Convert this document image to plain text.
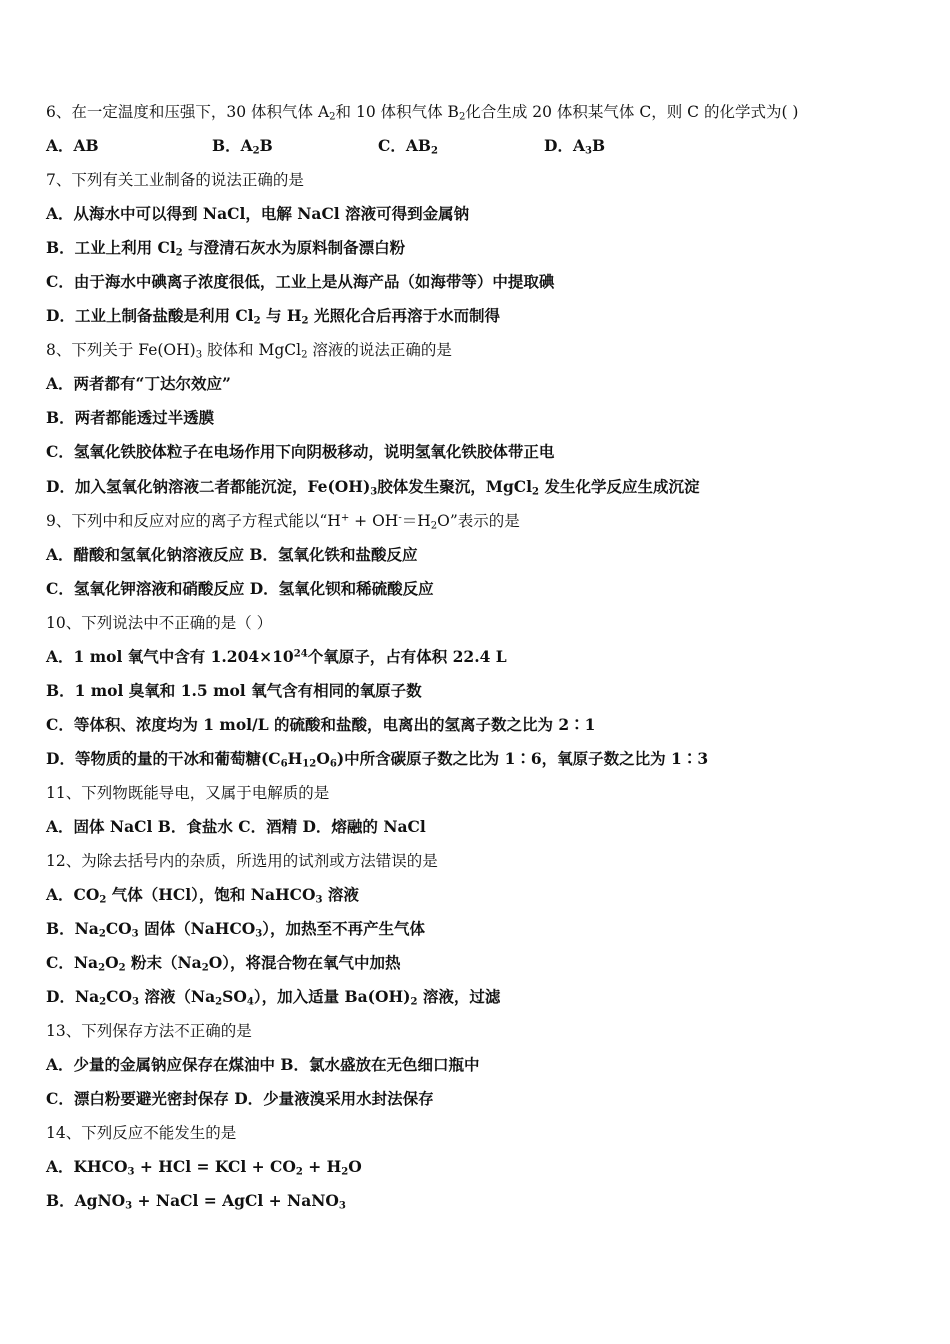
6、在一定温度和压强下，30 体积气体 $A_2$和 10 体积气体 $B_2$化合生成 20 体积某气体 C，则 C 的化学式为( )
A．AB	B．$A_2B$	C．$AB_2$	D．$A_3B$
7、下列有关工业制备的说法正确的是
A．从海水中可以得到 NaCl，电解 NaCl 溶液可得到金属钠
B．工业上利用 $Cl_2$ 与澄清石灰水为原料制备漂白粉
C．由于海水中碘离子浓度很低，工业上是从海产品（如海带等）中提取碘
D．工业上制备盐酸是利用 $Cl_2$ 与 $H_2$ 光照化合后再溶于水而制得
8、下列关于 $Fe(OH)_3$ 胶体和 MgCl$_2$ 溶液的说法正确的是
A．两者都有“丁达尔效应”
B．两者都能透过半透膜
C．氢氧化铁胶体粒子在电场作用下向阴极移动，说明氢氧化铁胶体带正电
D．加入氢氧化钠溶液二者都能沉淀，$Fe(OH)_3$胶体发生聚沉，MgCl$_2$ 发生化学反应生成沉淀
9、下列中和反应对应的离子方程式能以“$H^+ + OH^-=H_2O$”表示的是
A．醋酸和氢氧化钠溶液反应 B．氢氧化铁和盐酸反应
C．氢氧化钾溶液和硝酸反应 D．氢氧化钡和稀硫酸反应
10、下列说法中不正确的是（ ）
A．1 mol 氧气中含有 $1.204\times 10^{24}$个氧原子，占有体积 22.4 L
B．1 mol 臭氧和 1.5 mol 氧气含有相同的氧原子数
C．等体积、浓度均为 1 mol/L 的硫酸和盐酸，电离出的氢离子数之比为 2∶1
D．等物质的量的干冰和葡萄糖$(C_6H_{12}O_6)$中所含碳原子数之比为 1∶6，氧原子数之比为 1∶3
11、下列物既能导电，又属于电解质的是
A．固体 NaCl B．食盐水 C．酒精 D．熔融的 NaCl
12、为除去括号内的杂质，所选用的试剂或方法错误的是
A．$CO_2$ 气体（HCl），饱和 NaHCO$_3$ 溶液
B．$Na_2CO_3$ 固体（NaHCO$_3$），加热至不再产生气体
C．$Na_2O_2$ 粉末$(Na_2O)$，将混合物在氧气中加热
D．$Na_2CO_3$ 溶液$(Na_2SO_4)$，加入适量 $Ba(OH)_2$ 溶液，过滤
13、下列保存方法不正确的是
A．少量的金属钠应保存在煤油中 B．氯水盛放在无色细口瓶中
C．漂白粉要避光密封保存 D．少量液溴采用水封法保存
14、下列反应不能发生的是
A．$KHCO_3$ + HCl = KCl + $CO_2 + H_2O$
B．AgNO$_3$ + NaCl = AgCl + NaNO$_3$
